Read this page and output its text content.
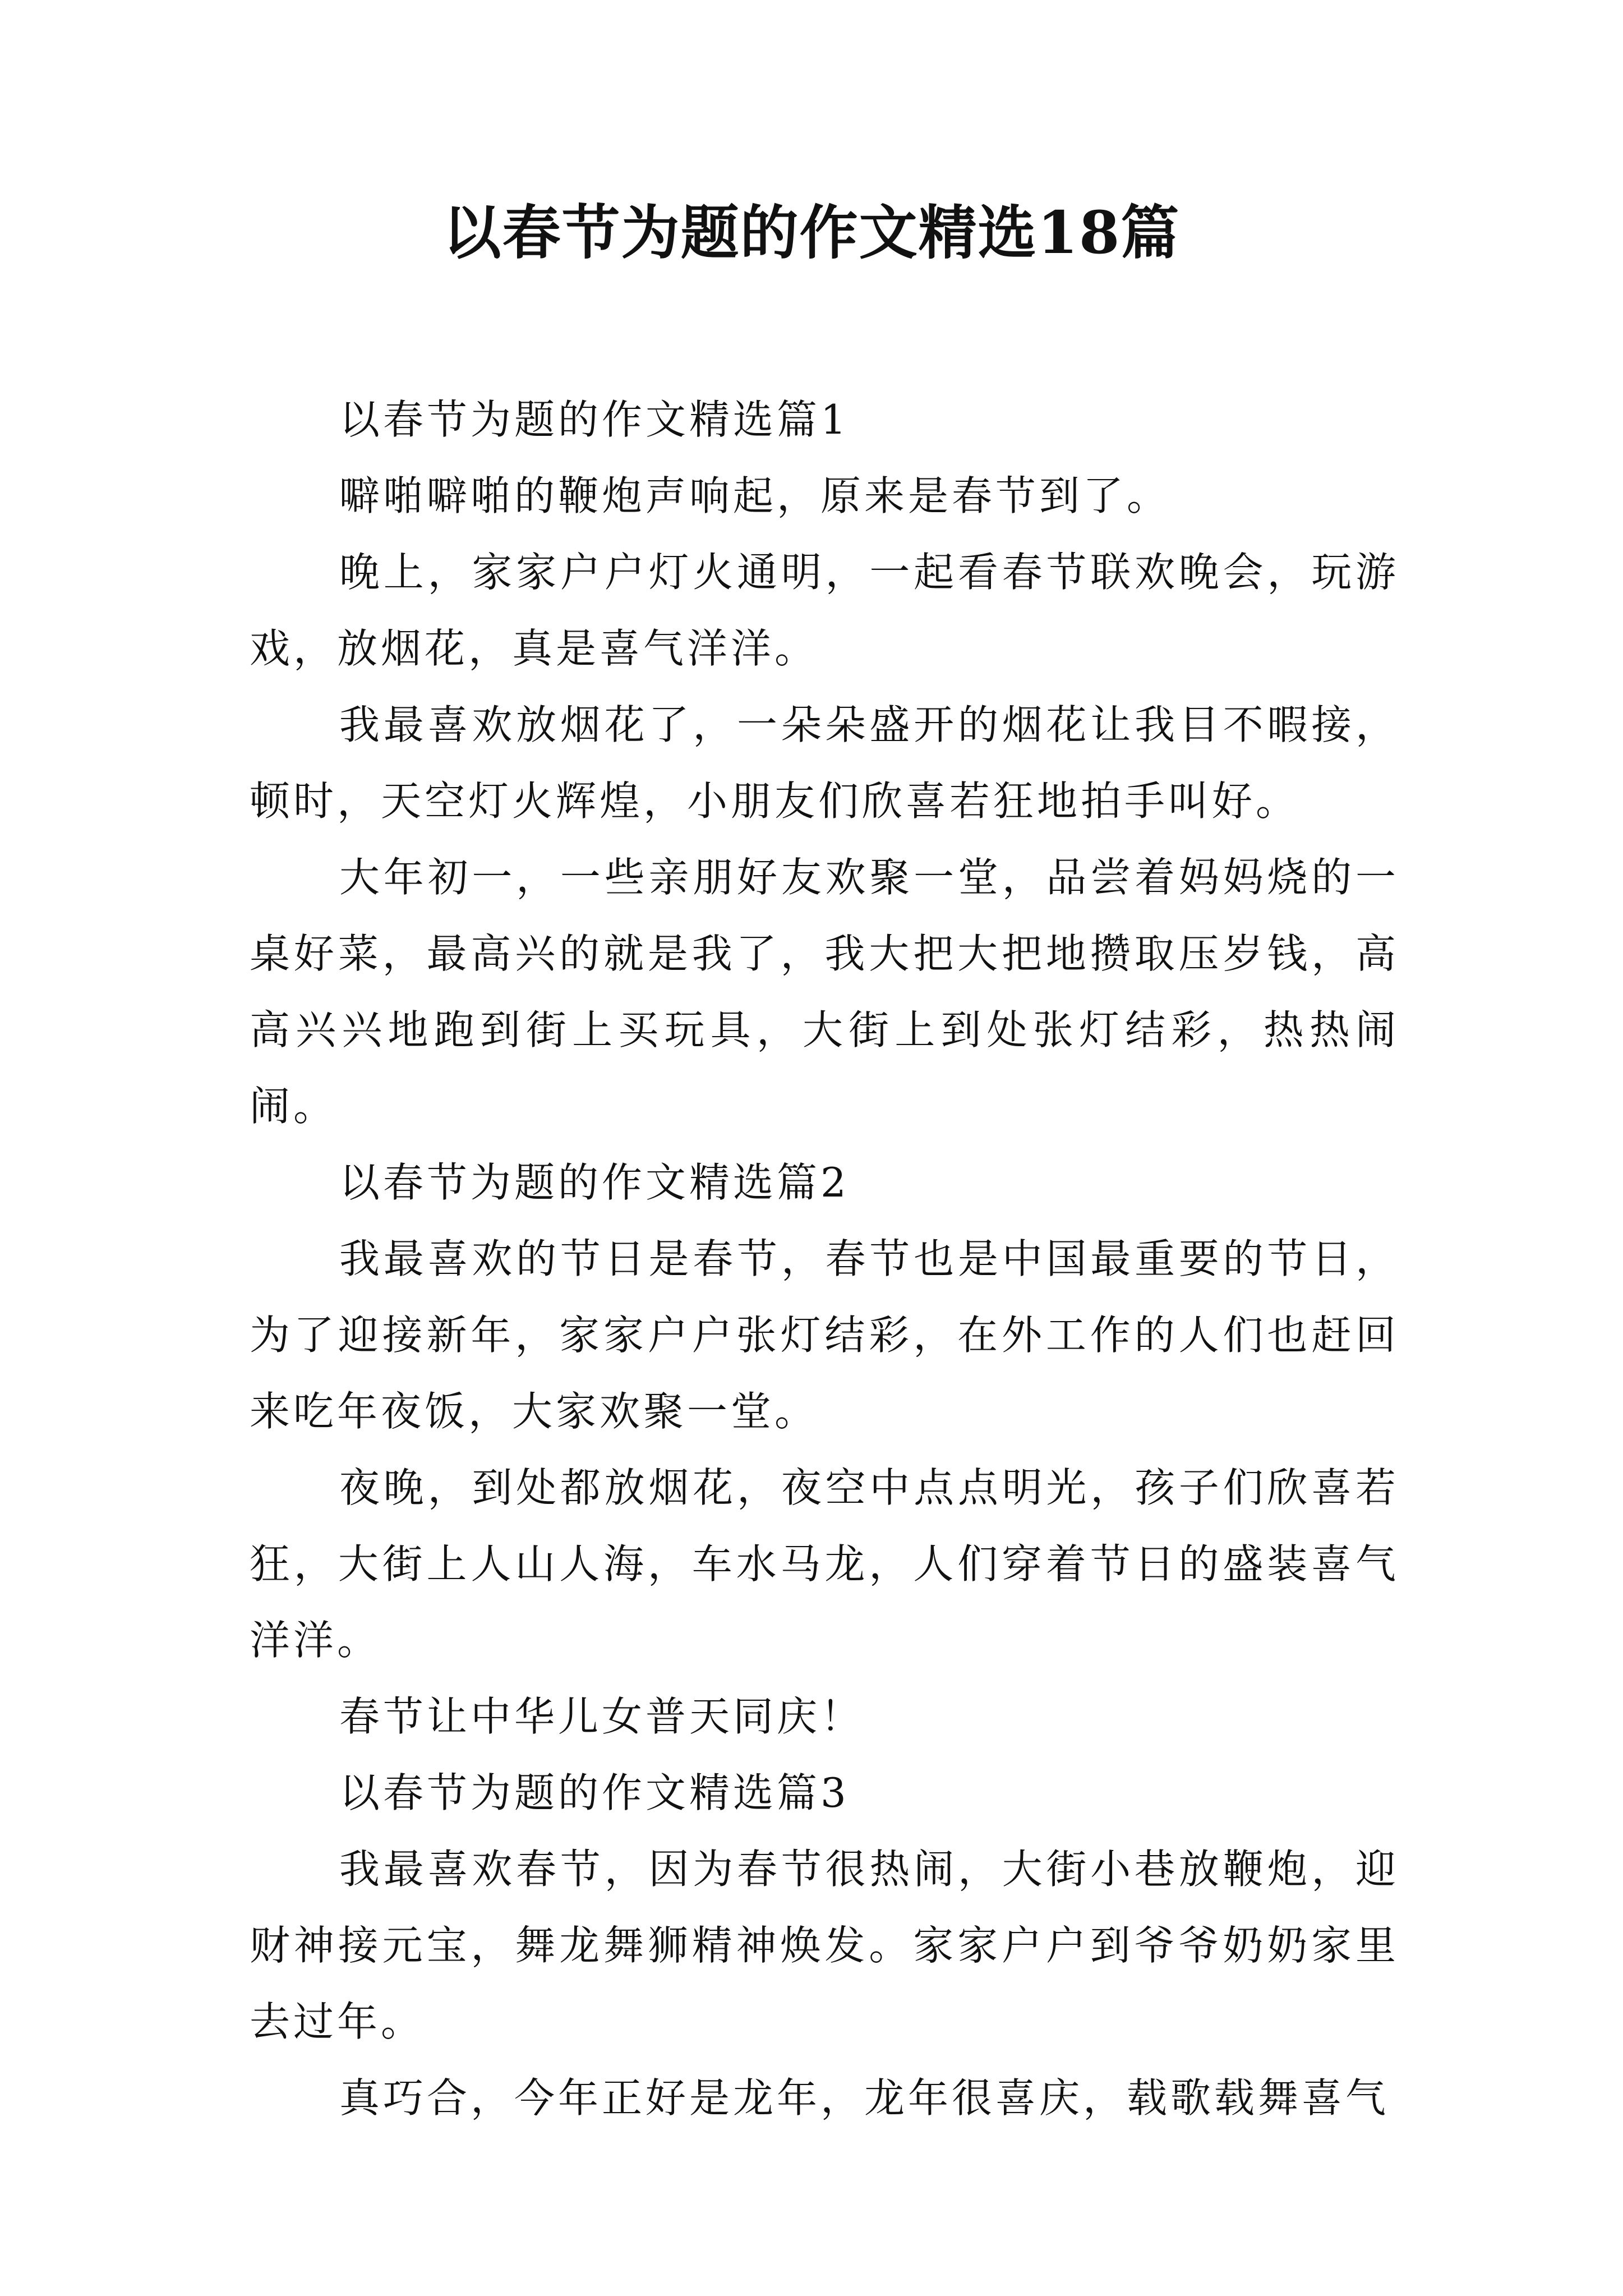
以春节为题的作文精选18篇

以春节为题的作文精选篇1

噼啪噼啪的鞭炮声响起，原来是春节到了。

晚上，家家户户灯火通明，一起看春节联欢晚会，玩游戏，放烟花，真是喜气洋洋。

我最喜欢放烟花了，一朵朵盛开的烟花让我目不暇接，顿时，天空灯火辉煌，小朋友们欣喜若狂地拍手叫好。

大年初一，一些亲朋好友欢聚一堂，品尝着妈妈烧的一桌好菜，最高兴的就是我了，我大把大把地攒取压岁钱，高高兴兴地跑到街上买玩具，大街上到处张灯结彩，热热闹闹。

以春节为题的作文精选篇2

我最喜欢的节日是春节，春节也是中国最重要的节日，为了迎接新年，家家户户张灯结彩，在外工作的人们也赶回来吃年夜饭，大家欢聚一堂。

夜晚，到处都放烟花，夜空中点点明光，孩子们欣喜若狂，大街上人山人海，车水马龙，人们穿着节日的盛装喜气洋洋。

春节让中华儿女普天同庆！

以春节为题的作文精选篇3

我最喜欢春节，因为春节很热闹，大街小巷放鞭炮，迎财神接元宝，舞龙舞狮精神焕发。家家户户到爷爷奶奶家里去过年。

真巧合，今年正好是龙年，龙年很喜庆，载歌载舞喜气
